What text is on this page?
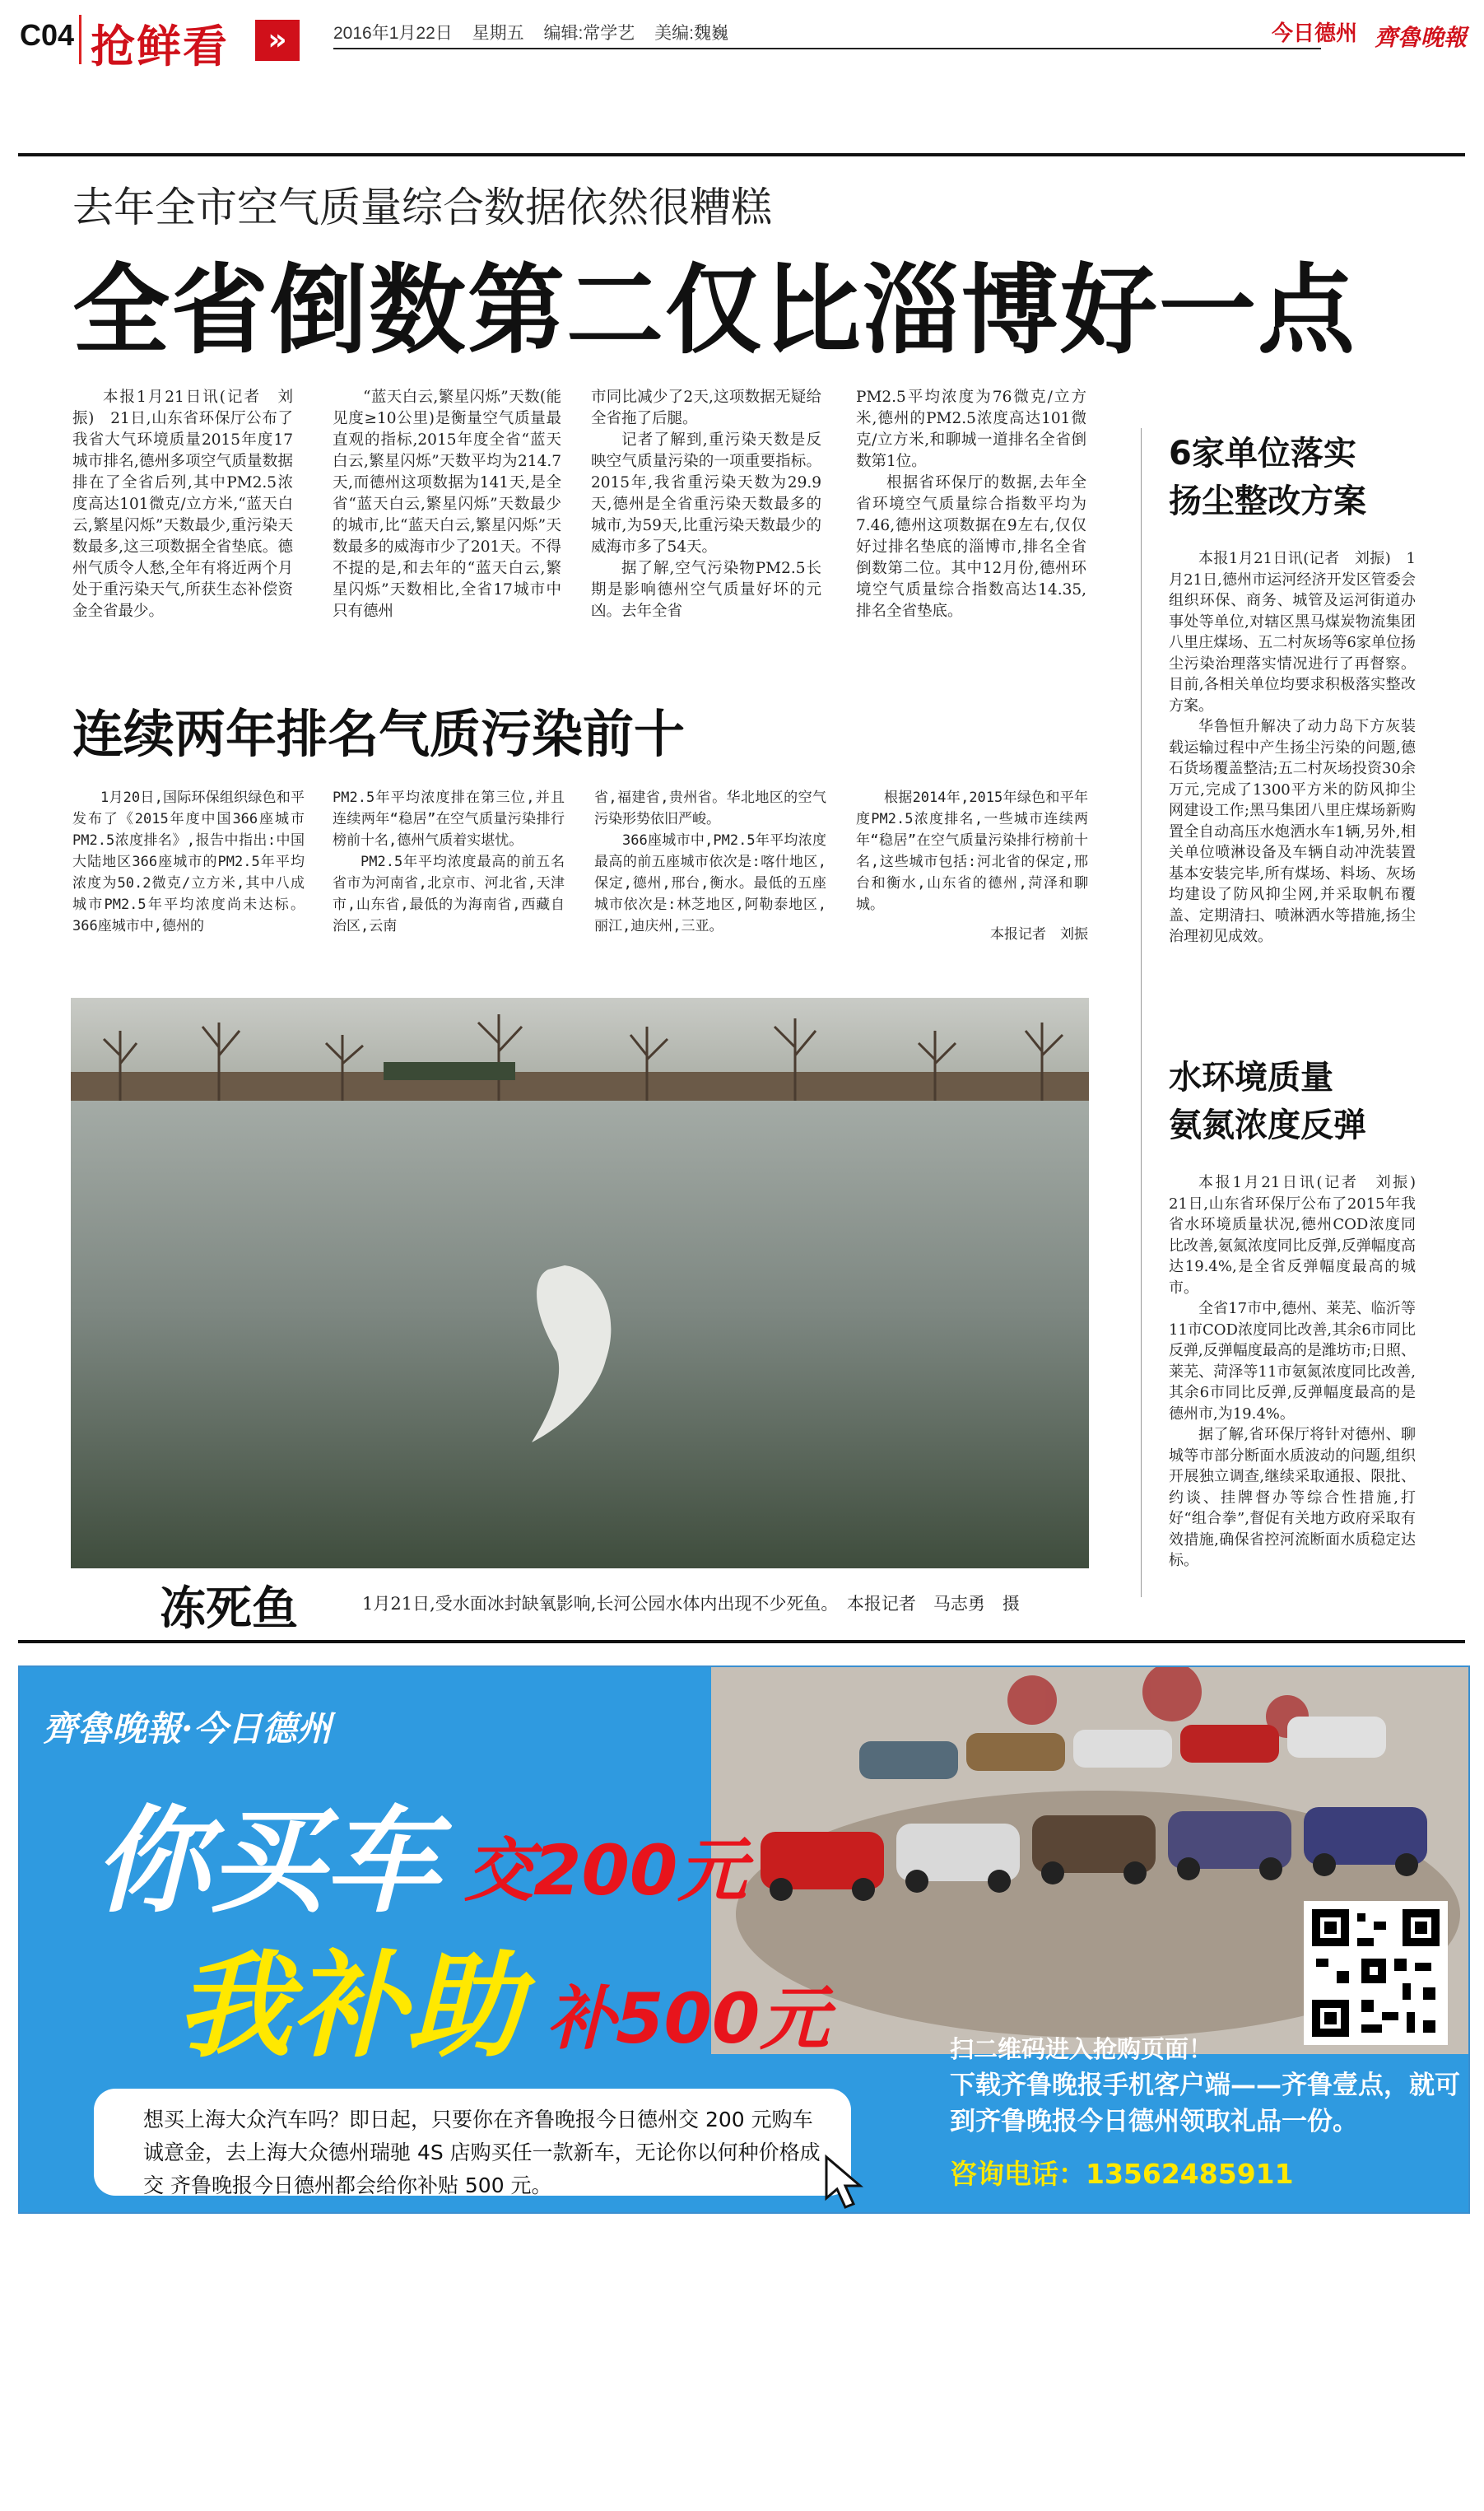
C04 抢鲜看	»	2016年1月22日 星期五 编辑:常学艺 美编:魏巍	今日德州 齊魯晚報
去年全市空气质量综合数据依然很糟糕
全省倒数第二仅比淄博好一点

本报1月21日讯(记者　刘振)　21日,山东省环保厅公布了我省大气环境质量2015年度17城市排名,德州多项空气质量数据排在了全省后列,其中PM2.5浓度高达101微克/立方米,“蓝天白云,繁星闪烁”天数最少,重污染天数最多,这三项数据全省垫底。德州气质令人愁,全年有将近两个月处于重污染天气,所获生态补偿资金全省最少。

“蓝天白云,繁星闪烁”天数(能见度≥10公里)是衡量空气质量最直观的指标,2015年度全省“蓝天白云,繁星闪烁”天数平均为214.7天,而德州这项数据为141天,是全省“蓝天白云,繁星闪烁”天数最少的城市,比“蓝天白云,繁星闪烁”天数最多的威海市少了201天。不得不提的是,和去年的“蓝天白云,繁星闪烁”天数相比,全省17城市中只有德州

市同比减少了2天,这项数据无疑给全省拖了后腿。

记者了解到,重污染天数是反映空气质量污染的一项重要指标。2015年,我省重污染天数为29.9天,德州是全省重污染天数最多的城市,为59天,比重污染天数最少的威海市多了54天。

据了解,空气污染物PM2.5长期是影响德州空气质量好坏的元凶。去年全省

PM2.5平均浓度为76微克/立方米,德州的PM2.5浓度高达101微克/立方米,和聊城一道排名全省倒数第1位。

根据省环保厅的数据,去年全省环境空气质量综合指数平均为7.46,德州这项数据在9左右,仅仅好过排名垫底的淄博市,排名全省倒数第二位。其中12月份,德州环境空气质量综合指数高达14.35,排名全省垫底。

连续两年排名气质污染前十

1月20日,国际环保组织绿色和平发布了《2015年度中国366座城市PM2.5浓度排名》,报告中指出:中国大陆地区366座城市的PM2.5年平均浓度为50.2微克/立方米,其中八成城市PM2.5年平均浓度尚未达标。366座城市中,德州的

PM2.5年平均浓度排在第三位,并且连续两年“稳居”在空气质量污染排行榜前十名,德州气质着实堪忧。

PM2.5年平均浓度最高的前五名省市为河南省,北京市、河北省,天津市,山东省,最低的为海南省,西藏自治区,云南

省,福建省,贵州省。华北地区的空气污染形势依旧严峻。

366座城市中,PM2.5年平均浓度最高的前五座城市依次是:喀什地区,保定,德州,邢台,衡水。最低的五座城市依次是:林芝地区,阿勒泰地区,丽江,迪庆州,三亚。

根据2014年,2015年绿色和平年度PM2.5浓度排名,一些城市连续两年“稳居”在空气质量污染排行榜前十名,这些城市包括:河北省的保定,邢台和衡水,山东省的德州,菏泽和聊城。

本报记者　刘振

冻死鱼	1月21日,受水面冰封缺氧影响,长河公园水体内出现不少死鱼。　本报记者　马志勇　摄
6家单位落实
扬尘整改方案

本报1月21日讯(记者　刘振)　1月21日,德州市运河经济开发区管委会组织环保、商务、城管及运河街道办事处等单位,对辖区黑马煤炭物流集团八里庄煤场、五二村灰场等6家单位扬尘污染治理落实情况进行了再督察。目前,各相关单位均要求积极落实整改方案。

华鲁恒升解决了动力岛下方灰装载运输过程中产生扬尘污染的问题,德石货场覆盖整洁;五二村灰场投资30余万元,完成了1300平方米的防风抑尘网建设工作;黑马集团八里庄煤场新购置全自动高压水炮洒水车1辆,另外,相关单位喷淋设备及车辆自动冲洗装置基本安装完毕,所有煤场、料场、灰场均建设了防风抑尘网,并采取帆布覆盖、定期清扫、喷淋洒水等措施,扬尘治理初见成效。

水环境质量
氨氮浓度反弹

本报1月21日讯(记者　刘振)　21日,山东省环保厅公布了2015年我省水环境质量状况,德州COD浓度同比改善,氨氮浓度同比反弹,反弹幅度高达19.4%,是全省反弹幅度最高的城市。

全省17市中,德州、莱芜、临沂等11市COD浓度同比改善,其余6市同比反弹,反弹幅度最高的是潍坊市;日照、莱芜、菏泽等11市氨氮浓度同比改善,其余6市同比反弹,反弹幅度最高的是德州市,为19.4%。

据了解,省环保厅将针对德州、聊城等市部分断面水质波动的问题,组织开展独立调查,继续采取通报、限批、约谈、挂牌督办等综合性措施,打好“组合拳”,督促有关地方政府采取有效措施,确保省控河流断面水质稳定达标。

齊魯晚報·今日德州
你买车 交200元
我补助 补500元	扫二维码进入抢购页面！
下载齐鲁晚报手机客户端——齐鲁壹点，就可到齐鲁晚报今日德州领取礼品一份。
咨询电话：13562485911
想买上海大众汽车吗？即日起，只要你在齐鲁晚报今日德州交 200 元购车诚意金，去上海大众德州瑞驰 4S 店购买任一款新车，无论你以何种价格成交 齐鲁晚报今日德州都会给你补贴 500 元。
